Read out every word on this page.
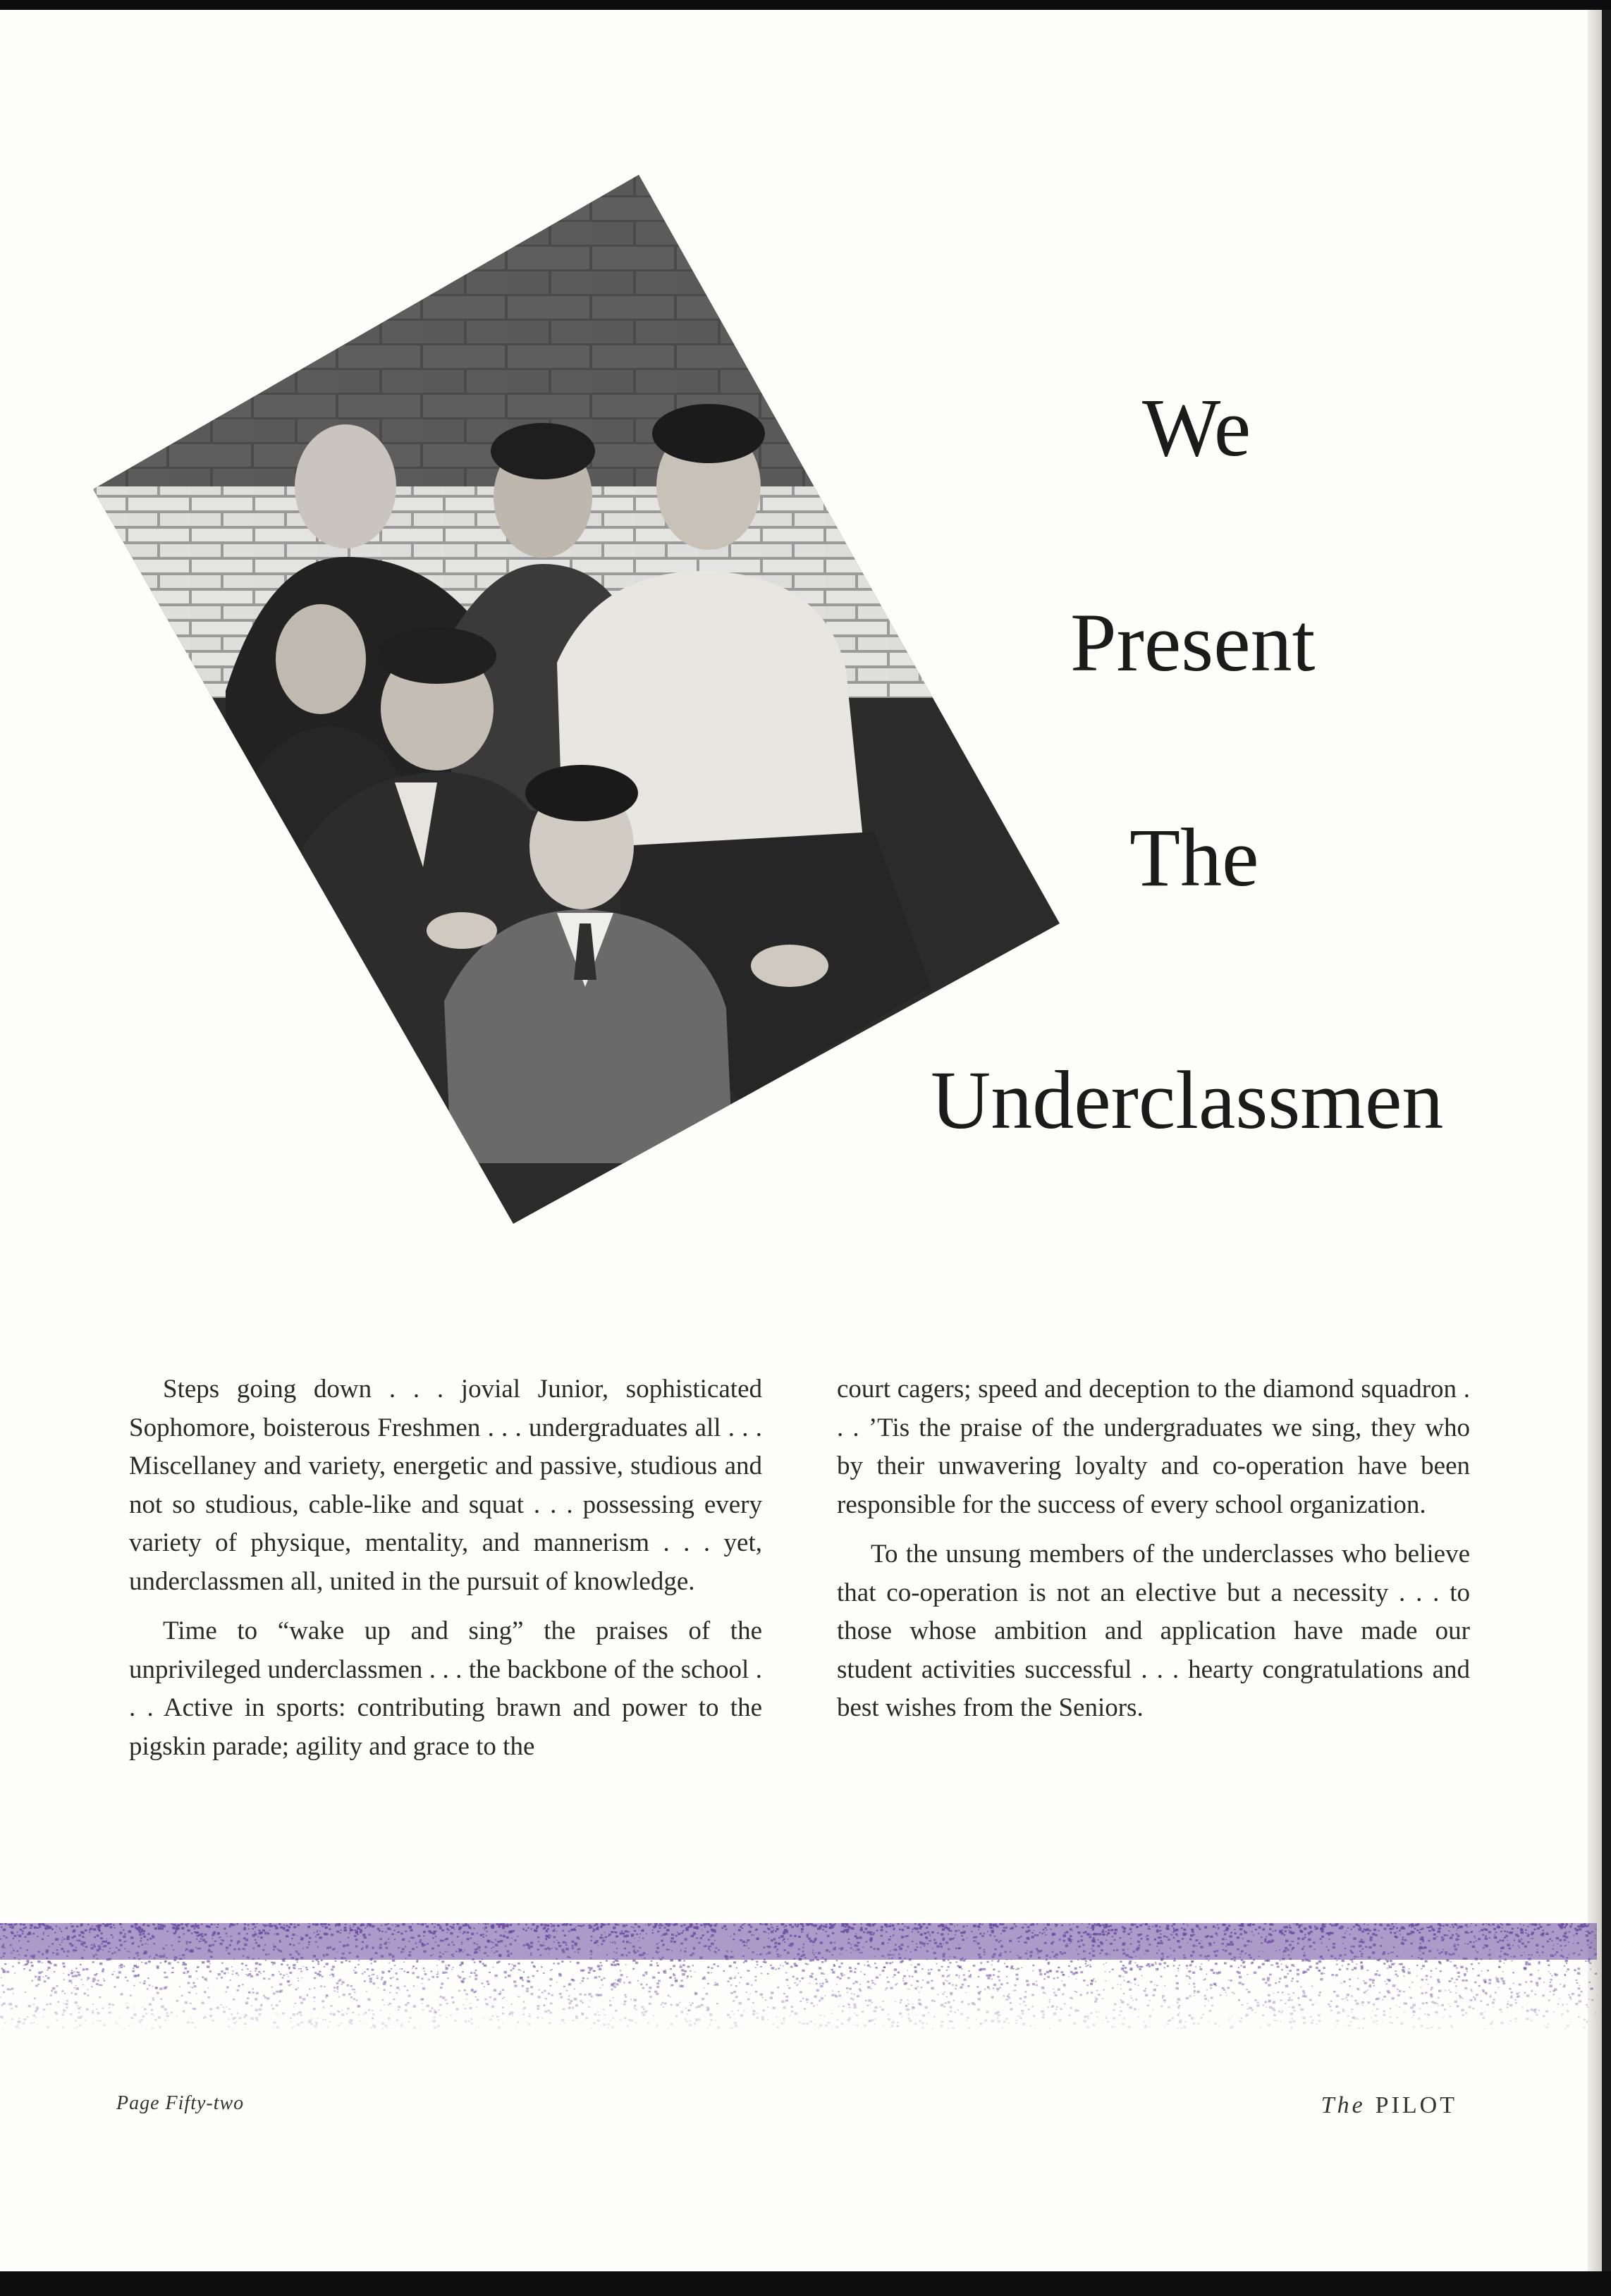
We
Present
The
Underclassmen

Steps going down . . . jovial Junior, sophisticated Sophomore, boisterous Freshmen . . . undergraduates all . . . Miscellaney and variety, energetic and passive, studious and not so studious, cable-like and squat . . . possessing every variety of physique, mentality, and mannerism . . . yet, underclassmen all, united in the pursuit of knowledge.

Time to “wake up and sing” the praises of the unprivileged underclassmen . . . the backbone of the school . . . Active in sports: contributing brawn and power to the pigskin parade; agility and grace to the

court cagers; speed and deception to the diamond squadron . . . ’Tis the praise of the undergraduates we sing, they who by their unwavering loyalty and co-operation have been responsible for the success of every school organization.

To the unsung members of the underclasses who believe that co-operation is not an elective but a necessity . . . to those whose ambition and application have made our student activities successful . . . hearty congratulations and best wishes from the Seniors.

Page Fifty-two	The PILOT
